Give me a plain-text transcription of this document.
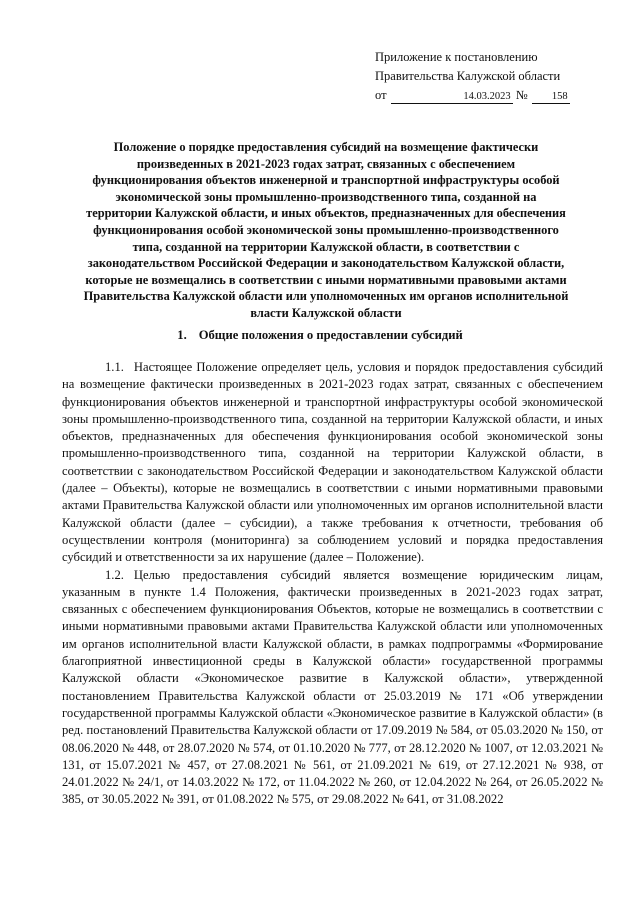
Приложение к постановлению
Правительства Калужской области
от	14.03.2023 № 158
Положение о порядке предоставления субсидий на возмещение фактически произведенных в 2021-2023 годах затрат, связанных с обеспечением функционирования объектов инженерной и транспортной инфраструктуры особой экономической зоны промышленно-производственного типа, созданной на территории Калужской области, и иных объектов, предназначенных для обеспечения функционирования особой экономической зоны промышленно-производственного типа, созданной на территории Калужской области, в соответствии с законодательством Российской Федерации и законодательством Калужской области, которые не возмещались в соответствии с иными нормативными правовыми актами Правительства Калужской области или уполномоченных им органов исполнительной власти Калужской области
1. Общие положения о предоставлении субсидий

1.1. Настоящее Положение определяет цель, условия и порядок предоставления субсидий на возмещение фактически произведенных в 2021-2023 годах затрат, связанных с обеспечением функционирования объектов инженерной и транспортной инфраструктуры особой экономической зоны промышленно-производственного типа, созданной на территории Калужской области, и иных объектов, предназначенных для обеспечения функционирования особой экономической зоны промышленно-производственного типа, созданной на территории Калужской области, в соответствии с законодательством Российской Федерации и законодательством Калужской области (далее – Объекты), которые не возмещались в соответствии с иными нормативными правовыми актами Правительства Калужской области или уполномоченных им органов исполнительной власти Калужской области (далее – субсидии), а также требования к отчетности, требования об осуществлении контроля (мониторинга) за соблюдением условий и порядка предоставления субсидий и ответственности за их нарушение (далее – Положение).

1.2. Целью предоставления субсидий является возмещение юридическим лицам, указанным в пункте 1.4 Положения, фактически произведенных в 2021-2023 годах затрат, связанных с обеспечением функционирования Объектов, которые не возмещались в соответствии с иными нормативными правовыми актами Правительства Калужской области или уполномоченных им органов исполнительной власти Калужской области, в рамках подпрограммы «Формирование благоприятной инвестиционной среды в Калужской области» государственной программы Калужской области «Экономическое развитие в Калужской области», утвержденной постановлением Правительства Калужской области от 25.03.2019 № 171 «Об утверждении государственной программы Калужской области «Экономическое развитие в Калужской области» (в ред. постановлений Правительства Калужской области от 17.09.2019 № 584, от 05.03.2020 № 150, от 08.06.2020 № 448, от 28.07.2020 № 574, от 01.10.2020 № 777, от 28.12.2020 № 1007, от 12.03.2021 № 131, от 15.07.2021 № 457, от 27.08.2021 № 561, от 21.09.2021 № 619, от 27.12.2021 № 938, от 24.01.2022 № 24/1, от 14.03.2022 № 172, от 11.04.2022 № 260, от 12.04.2022 № 264, от 26.05.2022 № 385, от 30.05.2022 № 391, от 01.08.2022 № 575, от 29.08.2022 № 641, от 31.08.2022
